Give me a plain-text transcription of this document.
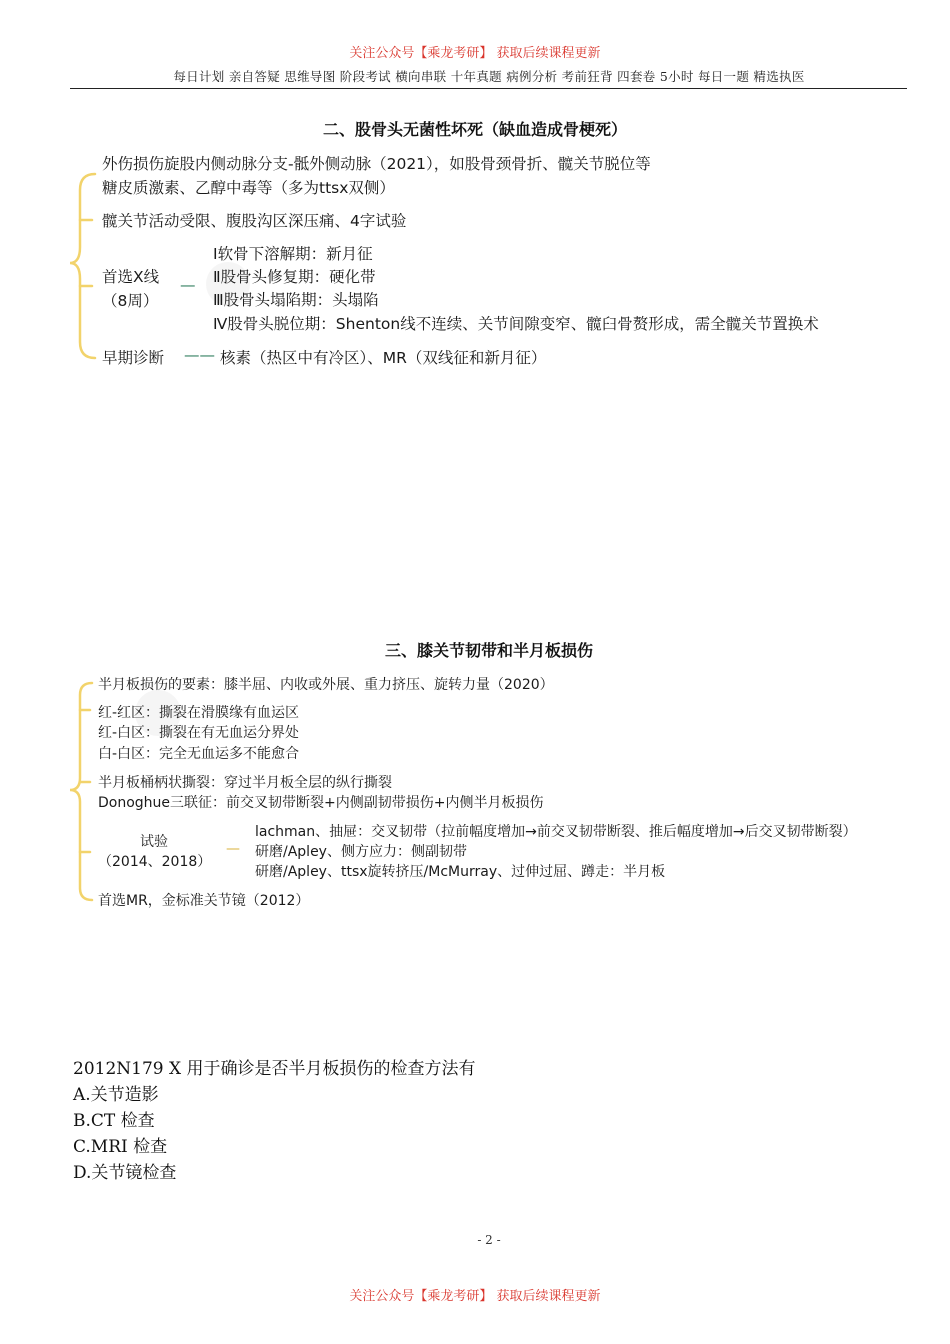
关注公众号【乘龙考研】 获取后续课程更新
每日计划 亲自答疑 思维导图 阶段考试 横向串联 十年真题 病例分析 考前狂背 四套卷 5小时 每日一题 精选执医
二、股骨头无菌性坏死（缺血造成骨梗死）
外伤损伤旋股内侧动脉分支-骶外侧动脉（2021），如股骨颈骨折、髋关节脱位等
糖皮质激素、乙醇中毒等（多为ttsx双侧）
髋关节活动受限、腹股沟区深压痛、4字试验
首选X线
（8周）
—
Ⅰ软骨下溶解期：新月征
Ⅱ股骨头修复期：硬化带
Ⅲ股骨头塌陷期：头塌陷
Ⅳ股骨头脱位期：Shenton线不连续、关节间隙变窄、髋臼骨赘形成，需全髋关节置换术
早期诊断 —— 核素（热区中有冷区）、MR（双线征和新月征）
三、膝关节韧带和半月板损伤
半月板损伤的要素：膝半屈、内收或外展、重力挤压、旋转力量（2020）
红-红区：撕裂在滑膜缘有血运区
红-白区：撕裂在有无血运分界处
白-白区：完全无血运多不能愈合
半月板桶柄状撕裂：穿过半月板全层的纵行撕裂
Donoghue三联征：前交叉韧带断裂+内侧副韧带损伤+内侧半月板损伤
试验
（2014、2018）
—
lachman、抽屉：交叉韧带（拉前幅度增加→前交叉韧带断裂、推后幅度增加→后交叉韧带断裂）
研磨/Apley、侧方应力：侧副韧带
研磨/Apley、ttsx旋转挤压/McMurray、过伸过屈、蹲走：半月板
首选MR，金标准关节镜（2012）
2012N179 X 用于确诊是否半月板损伤的检查方法有
A.关节造影
B.CT 检查
C.MRI 检查
D.关节镜检查
- 2 -
关注公众号【乘龙考研】 获取后续课程更新
